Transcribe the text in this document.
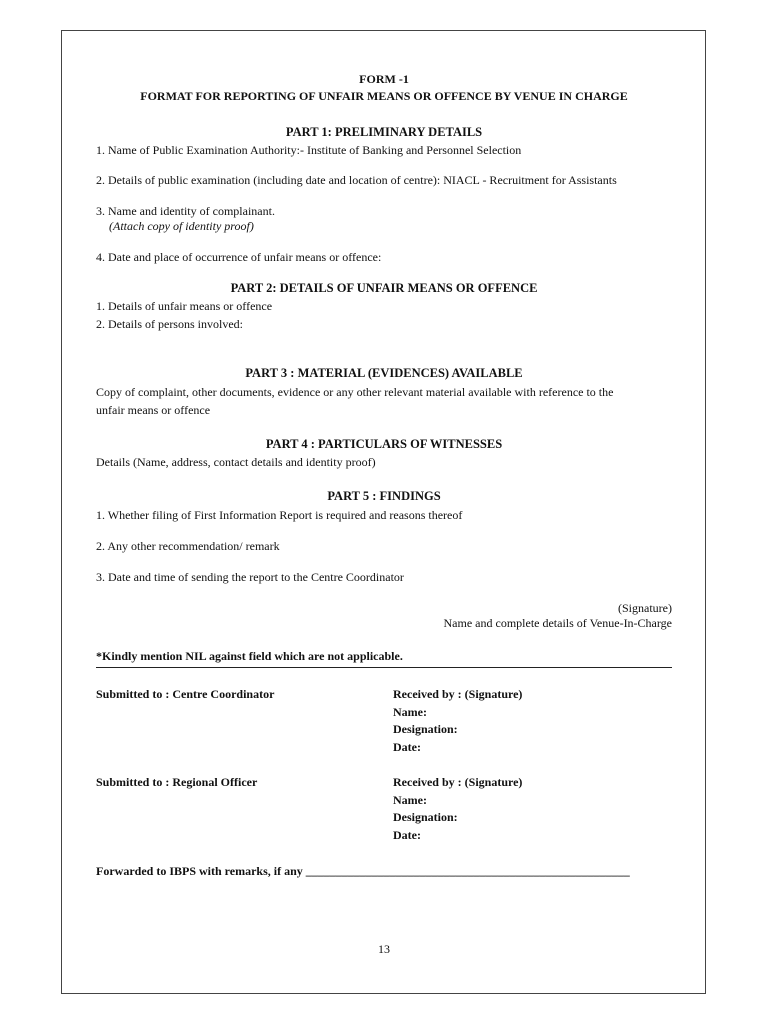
FORM -1
FORMAT FOR REPORTING OF UNFAIR MEANS OR OFFENCE BY VENUE IN CHARGE
PART 1: PRELIMINARY DETAILS
1. Name of Public Examination Authority:- Institute of Banking and Personnel Selection
2. Details of public examination (including date and location of centre): NIACL - Recruitment for Assistants
3. Name and identity of complainant.
(Attach copy of identity proof)
4. Date and place of occurrence of unfair means or offence:
PART 2: DETAILS OF UNFAIR MEANS OR OFFENCE
1. Details of unfair means or offence
2. Details of persons involved:
PART 3 : MATERIAL (EVIDENCES) AVAILABLE
Copy of complaint, other documents, evidence or any other relevant material available with reference to the
unfair means or offence
PART 4 : PARTICULARS OF WITNESSES
Details (Name, address, contact details and identity proof)
PART 5 : FINDINGS
1. Whether filing of First Information Report is required and reasons thereof
2. Any other recommendation/ remark
3. Date and time of sending the report to the Centre Coordinator
(Signature)
Name and complete details of Venue-In-Charge
*Kindly mention NIL against field which are not applicable.
Submitted to : Centre Coordinator	Received by : (Signature)
Name:
Designation:
Date:
Submitted to : Regional Officer	Received by : (Signature)
Name:
Designation:
Date:
Forwarded to IBPS with remarks, if any ______________________________________________________
13
